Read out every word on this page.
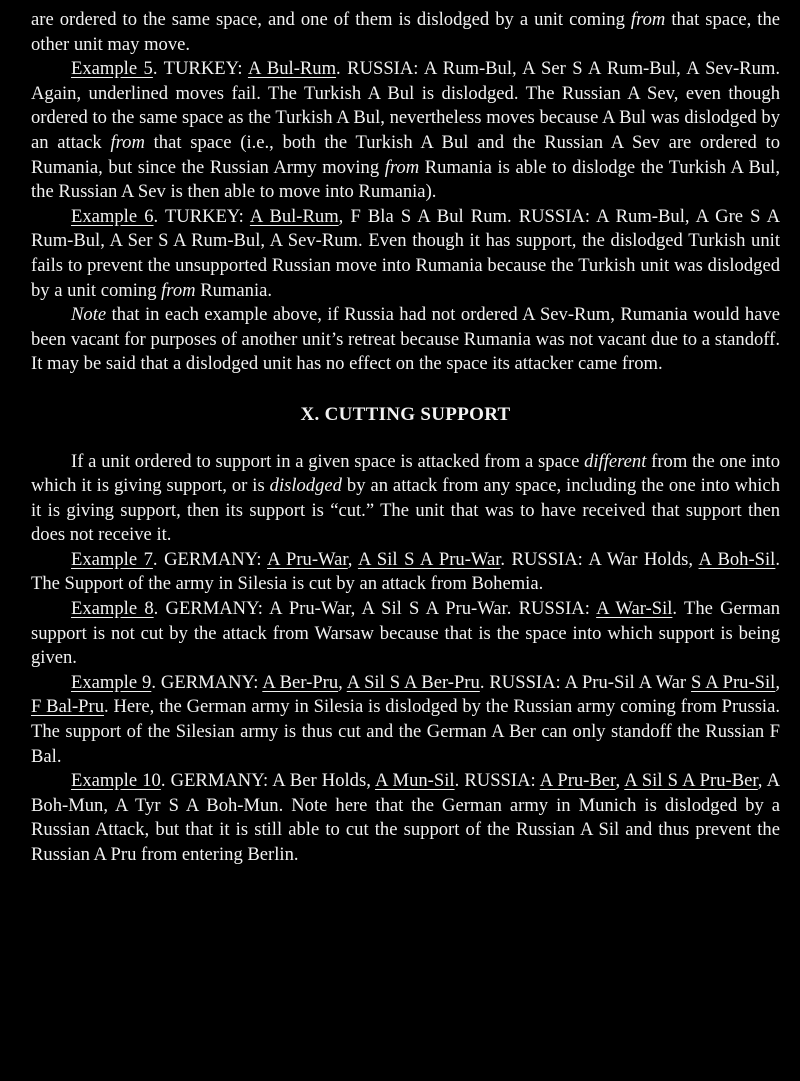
are ordered to the same space, and one of them is dislodged by a unit coming from that space, the other unit may move.

Example 5. TURKEY: A Bul-Rum. RUSSIA: A Rum-Bul, A Ser S A Rum-Bul, A Sev-Rum. Again, underlined moves fail. The Turkish A Bul is dislodged. The Russian A Sev, even though ordered to the same space as the Turkish A Bul, nevertheless moves because A Bul was dislodged by an attack from that space (i.e., both the Turkish A Bul and the Russian A Sev are ordered to Rumania, but since the Russian Army moving from Rumania is able to dislodge the Turkish A Bul, the Russian A Sev is then able to move into Rumania).

Example 6. TURKEY: A Bul-Rum, F Bla S A Bul Rum. RUSSIA: A Rum-Bul, A Gre S A Rum-Bul, A Ser S A Rum-Bul, A Sev-Rum. Even though it has support, the dislodged Turkish unit fails to prevent the unsupported Russian move into Rumania because the Turkish unit was dislodged by a unit coming from Rumania.

Note that in each example above, if Russia had not ordered A Sev-Rum, Rumania would have been vacant for purposes of another unit’s retreat because Rumania was not vacant due to a standoff. It may be said that a dislodged unit has no effect on the space its attacker came from.

X. CUTTING SUPPORT

If a unit ordered to support in a given space is attacked from a space different from the one into which it is giving support, or is dislodged by an attack from any space, including the one into which it is giving support, then its support is “cut.” The unit that was to have received that support then does not receive it.

Example 7. GERMANY: A Pru-War, A Sil S A Pru-War. RUSSIA: A War Holds, A Boh-Sil. The Support of the army in Silesia is cut by an attack from Bohemia.

Example 8. GERMANY: A Pru-War, A Sil S A Pru-War. RUSSIA: A War-Sil. The German support is not cut by the attack from Warsaw because that is the space into which support is being given.

Example 9. GERMANY: A Ber-Pru, A Sil S A Ber-Pru. RUSSIA: A Pru-Sil A War S A Pru-Sil, F Bal-Pru. Here, the German army in Silesia is dislodged by the Russian army coming from Prussia. The support of the Silesian army is thus cut and the German A Ber can only standoff the Russian F Bal.

Example 10. GERMANY: A Ber Holds, A Mun-Sil. RUSSIA: A Pru-Ber, A Sil S A Pru-Ber, A Boh-Mun, A Tyr S A Boh-Mun. Note here that the German army in Munich is dislodged by a Russian Attack, but that it is still able to cut the support of the Russian A Sil and thus prevent the Russian A Pru from entering Berlin.
